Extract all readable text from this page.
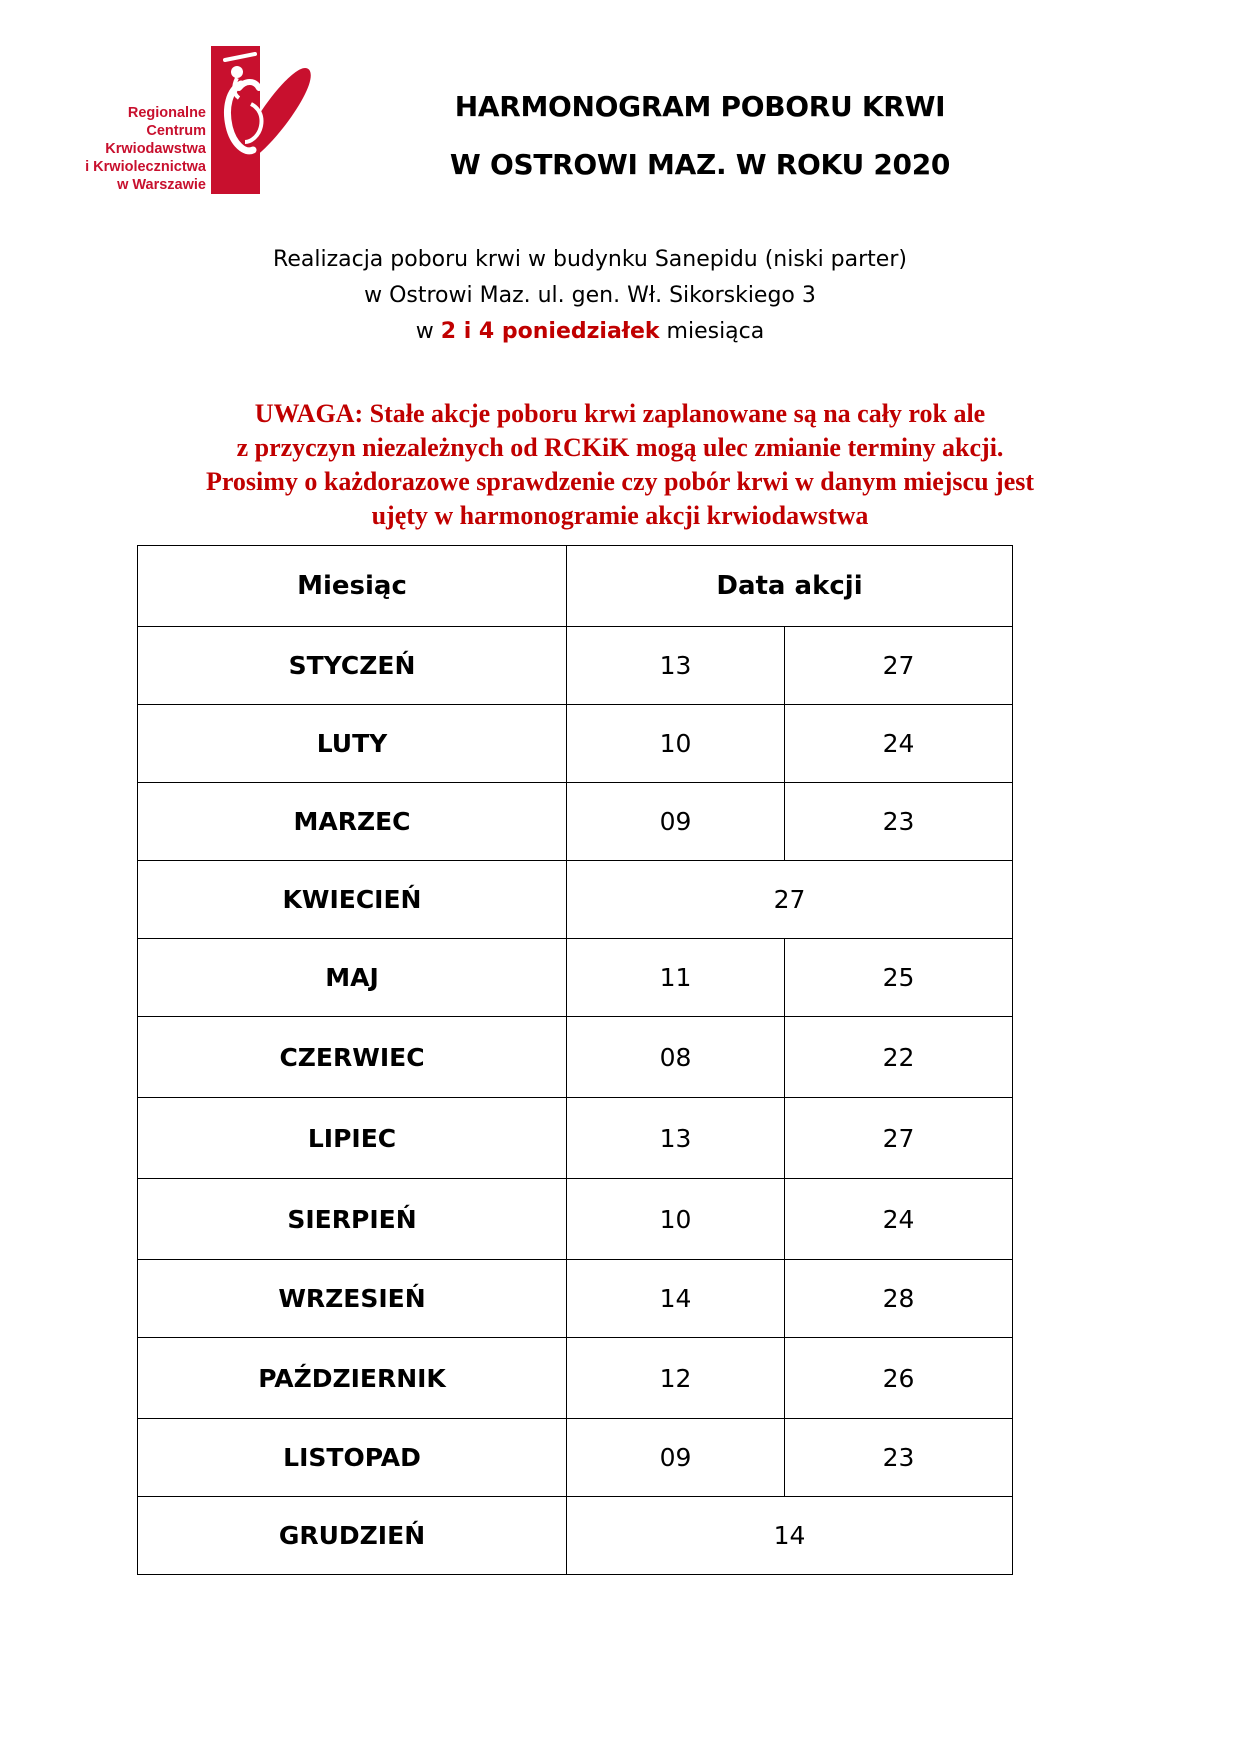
Regionalne
Centrum
Krwiodawstwa
i Krwiolecznictwa
w Warszawie
HARMONOGRAM POBORU KRWI
W OSTROWI MAZ. W ROKU 2020
Realizacja poboru krwi w budynku Sanepidu (niski parter)
w Ostrowi Maz. ul. gen. Wł. Sikorskiego 3
w 2 i 4 poniedziałek miesiąca
UWAGA: Stałe akcje poboru krwi zaplanowane są na cały rok ale
z przyczyn niezależnych od RCKiK mogą ulec zmianie terminy akcji.
Prosimy o każdorazowe sprawdzenie czy pobór krwi w danym miejscu jest
ujęty w harmonogramie akcji krwiodawstwa
Miesiąc	Data akcji	
STYCZEŃ	13	27
LUTY	10	24
MARZEC	09	23
KWIECIEŃ	27	
MAJ	11	25
CZERWIEC	08	22
LIPIEC	13	27
SIERPIEŃ	10	24
WRZESIEŃ	14	28
PAŹDZIERNIK	12	26
LISTOPAD	09	23
GRUDZIEŃ	14	
